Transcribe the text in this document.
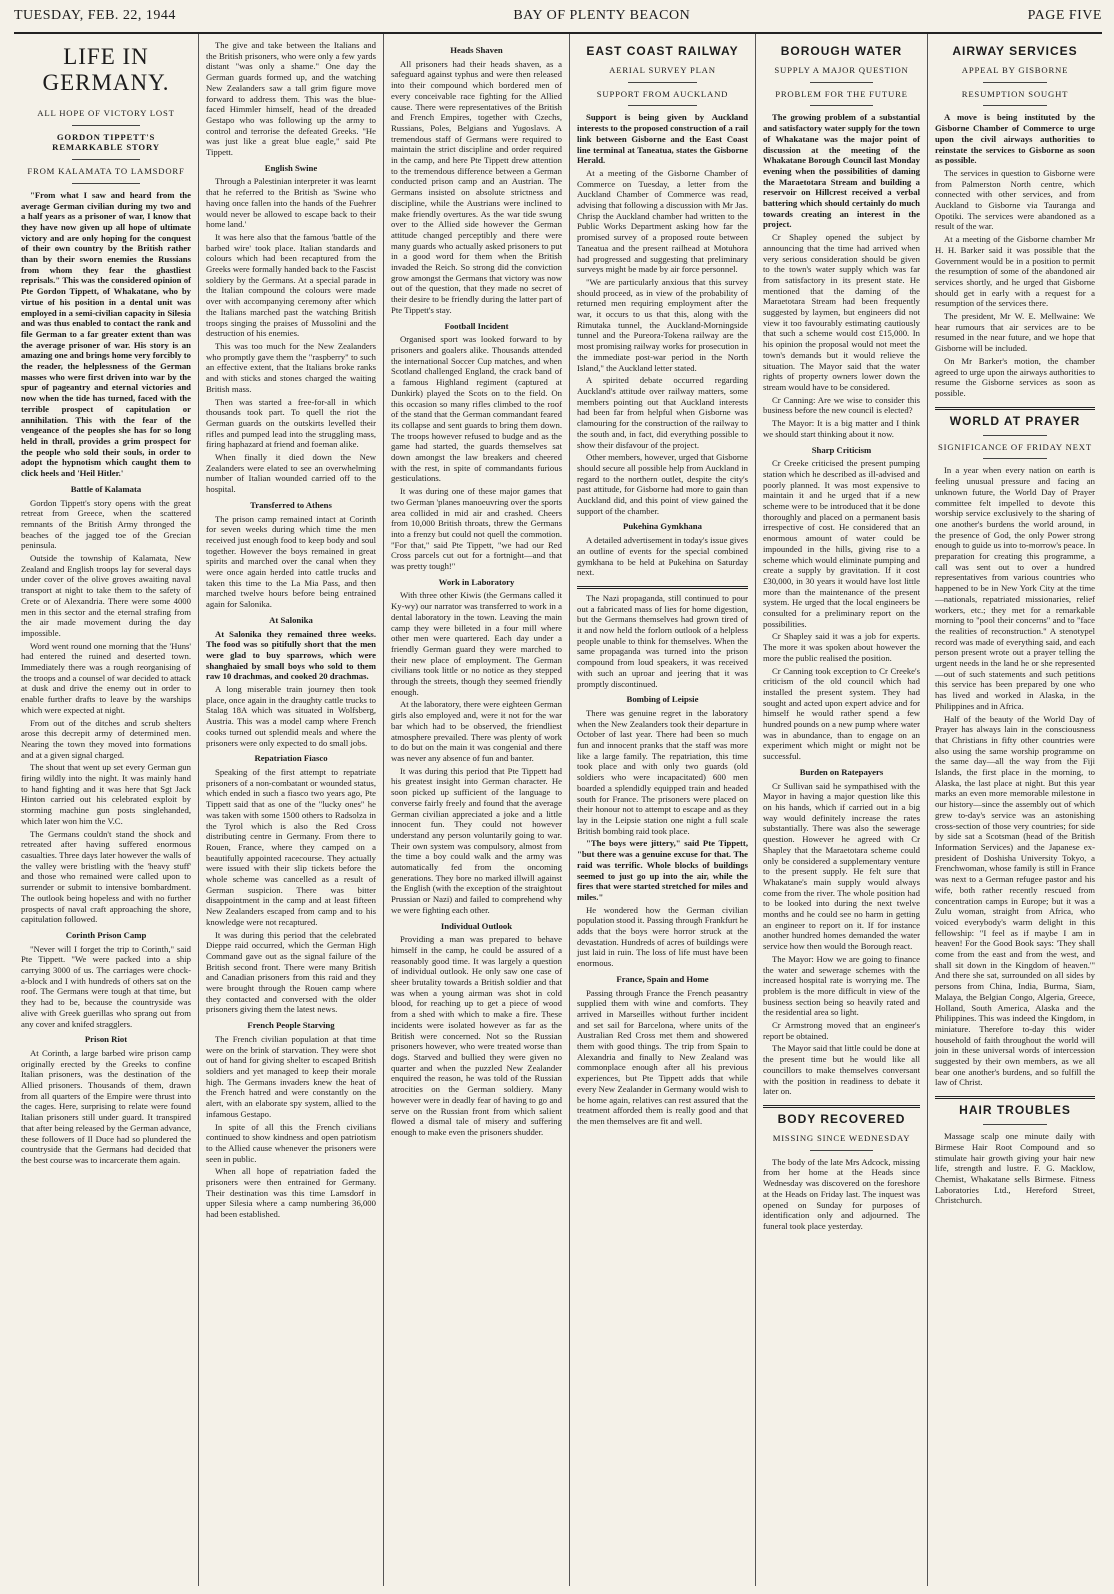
TUESDAY, FEB. 22, 1944	BAY OF PLENTY BEACON	PAGE FIVE
LIFE IN GERMANY.
ALL HOPE OF VICTORY LOST
GORDON TIPPETT'S REMARKABLE STORY
FROM KALAMATA TO LAMSDORF

"From what I saw and heard from the average German civilian during my two and a half years as a prisoner of war, I know that they have now given up all hope of ultimate victory and are only hoping for the conquest of their own country by the British rather than by their sworn enemies the Russians from whom they fear the ghastliest reprisals." This was the considered opinion of Pte Gordon Tippett, of Whakatane, who by virtue of his position in a dental unit was employed in a semi-civilian capacity in Silesia and was thus enabled to contact the rank and file German to a far greater extent than was the average prisoner of war. His story is an amazing one and brings home very forcibly to the reader, the helplessness of the German masses who were first driven into war by the spur of pageantry and eternal victories and now when the tide has turned, faced with the terrible prospect of capitulation or annihilation. This with the fear of the vengeance of the peoples she has for so long held in thrall, provides a grim prospect for the people who sold their souls, in order to adopt the hypnotism which caught them to click heels and 'Heil Hitler.'

Battle of Kalamata

Gordon Tippett's story opens with the great retreat from Greece, when the scattered remnants of the British Army thronged the beaches of the jagged toe of the Grecian peninsula.

Outside the township of Kalamata, New Zealand and English troops lay for several days under cover of the olive groves awaiting naval transport at night to take them to the safety of Crete or of Alexandria. There were some 4000 men in this sector and the eternal strafing from the air made movement during the day impossible.

Word went round one morning that the 'Huns' had entered the ruined and deserted town. Immediately there was a rough reorganising of the troops and a counsel of war decided to attack at dusk and drive the enemy out in order to enable further drafts to leave by the warships which were expected at night.

From out of the ditches and scrub shelters arose this decrepit army of determined men. Nearing the town they moved into formations and at a given signal charged.

The shout that went up set every German gun firing wildly into the night. It was mainly hand to hand fighting and it was here that Sgt Jack Hinton carried out his celebrated exploit by storming machine gun posts singlehanded, which later won him the V.C.

The Germans couldn't stand the shock and retreated after having suffered enormous casualties. Three days later however the walls of the valley were bristling with the 'heavy stuff' and those who remained were called upon to surrender or submit to intensive bombardment. The outlook being hopeless and with no further prospects of naval craft approaching the shore, capitulation followed.

Corinth Prison Camp

"Never will I forget the trip to Corinth," said Pte Tippett. "We were packed into a ship carrying 3000 of us. The carriages were chock-a-block and I with hundreds of others sat on the roof. The Germans were tough at that time, but they had to be, because the countryside was alive with Greek guerillas who sprang out from any cover and knifed stragglers.

Prison Riot

At Corinth, a large barbed wire prison camp originally erected by the Greeks to confine Italian prisoners, was the destination of the Allied prisoners. Thousands of them, drawn from all quarters of the Empire were thrust into the cages. Here, surprising to relate were found Italian prisoners still under guard. It transpired that after being released by the German advance, these followers of Il Duce had so plundered the countryside that the Germans had decided that the best course was to incarcerate them again.

The give and take between the Italians and the British prisoners, who were only a few yards distant "was only a shame." One day the German guards formed up, and the watching New Zealanders saw a tall grim figure move forward to address them. This was the blue-faced Himmler himself, head of the dreaded Gestapo who was following up the army to control and terrorise the defeated Greeks. "He was just like a great blue eagle," said Pte Tippett.

English Swine

Through a Palestinian interpreter it was learnt that he referred to the British as 'Swine who having once fallen into the hands of the Fuehrer would never be allowed to escape back to their home land.'

It was here also that the famous 'battle of the barbed wire' took place. Italian standards and colours which had been recaptured from the Greeks were formally handed back to the Fascist soldiery by the Germans. At a special parade in the Italian compound the colours were made over with accompanying ceremony after which the Italians marched past the watching British troops singing the praises of Mussolini and the destruction of his enemies.

This was too much for the New Zealanders who promptly gave them the "raspberry" to such an effective extent, that the Italians broke ranks and with sticks and stones charged the waiting British mass.

Then was started a free-for-all in which thousands took part. To quell the riot the German guards on the outskirts levelled their rifles and pumped lead into the struggling mass, firing haphazard at friend and foeman alike.

When finally it died down the New Zealanders were elated to see an overwhelming number of Italian wounded carried off to the hospital.

Transferred to Athens

The prison camp remained intact at Corinth for seven weeks during which time the men received just enough food to keep body and soul together. However the boys remained in great spirits and marched over the canal when they were once again herded into cattle trucks and taken this time to the La Mia Pass, and then marched twelve hours before being entrained again for Salonika.

At Salonika

At Salonika they remained three weeks. The food was so pitifully short that the men were glad to buy sparrows, which were shanghaied by small boys who sold to them raw 10 drachmas, and cooked 20 drachmas.

A long miserable train journey then took place, once again in the draughty cattle trucks to Stalag 18A which was situated in Wolfsberg, Austria. This was a model camp where French cooks turned out splendid meals and where the prisoners were only expected to do small jobs.

Repatriation Fiasco

Speaking of the first attempt to repatriate prisoners of a non-combatant or wounded status, which ended in such a fiasco two years ago, Pte Tippett said that as one of the "lucky ones" he was taken with some 1500 others to Radsolza in the Tyrol which is also the Red Cross distributing centre in Germany. From there to Rouen, France, where they camped on a beautifully appointed racecourse. They actually were issued with their slip tickets before the whole scheme was cancelled as a result of German suspicion. There was bitter disappointment in the camp and at least fifteen New Zealanders escaped from camp and to his knowledge were not recaptured.

It was during this period that the celebrated Dieppe raid occurred, which the German High Command gave out as the signal failure of the British second front. There were many British and Canadian prisoners from this raid and they were brought through the Rouen camp where they contacted and conversed with the older prisoners giving them the latest news.

French People Starving

The French civilian population at that time were on the brink of starvation. They were shot out of hand for giving shelter to escaped British soldiers and yet managed to keep their morale high. The Germans invaders knew the heat of the French hatred and were constantly on the alert, with an elaborate spy system, allied to the infamous Gestapo.

In spite of all this the French civilians continued to show kindness and open patriotism to the Allied cause whenever the prisoners were seen in public.

When all hope of repatriation faded the prisoners were then entrained for Germany. Their destination was this time Lamsdorf in upper Silesia where a camp numbering 36,000 had been established.

Heads Shaven

All prisoners had their heads shaven, as a safeguard against typhus and were then released into their compound which bordered men of every conceivable race fighting for the Allied cause. There were representatives of the British and French Empires, together with Czechs, Russians, Poles, Belgians and Yugoslavs. A tremendous staff of Germans were required to maintain the strict discipline and order required in the camp, and here Pte Tippett drew attention to the tremendous difference between a German conducted prison camp and an Austrian. The Germans insisted on absolute strictness and discipline, while the Austrians were inclined to make friendly overtures. As the war tide swung over to the Allied side however the German attitude changed perceptibly and there were many guards who actually asked prisoners to put in a good word for them when the British invaded the Reich. So strong did the conviction grow amongst the Germans that victory was now out of the question, that they made no secret of their desire to be friendly during the latter part of Pte Tippett's stay.

Football Incident

Organised sport was looked forward to by prisoners and goalers alike. Thousands attended the international Soccer Cup matches, and when Scotland challenged England, the crack band of a famous Highland regiment (captured at Dunkirk) played the Scots on to the field. On this occasion so many rifles climbed to the roof of the stand that the German commandant feared its collapse and sent guards to bring them down. The troops however refused to budge and as the game had started, the guards themselves sat down amongst the law breakers and cheered with the rest, in spite of commandants furious gesticulations.

It was during one of these major games that two German 'planes manoeuvring over the sports area collided in mid air and crashed. Cheers from 10,000 British throats, threw the Germans into a frenzy but could not quell the commotion. "For that," said Pte Tippett, "we had our Red Cross parcels cut out for a fortnight—and that was pretty tough!"

Work in Laboratory

With three other Kiwis (the Germans called it Ky-wy) our narrator was transferred to work in a dental laboratory in the town. Leaving the main camp they were billeted in a four mill where other men were quartered. Each day under a friendly German guard they were marched to their new place of employment. The German civilians took little or no notice as they stepped through the streets, though they seemed friendly enough.

At the laboratory, there were eighteen German girls also employed and, were it not for the war bar which had to be observed, the friendliest atmosphere prevailed. There was plenty of work to do but on the main it was congenial and there was never any absence of fun and banter.

It was during this period that Pte Tippett had his greatest insight into German character. He soon picked up sufficient of the language to converse fairly freely and found that the average German civilian appreciated a joke and a little innocent fun. They could not however understand any person voluntarily going to war. Their own system was compulsory, almost from the time a boy could walk and the army was automatically fed from the oncoming generations. They bore no marked illwill against the English (with the exception of the straightout Prussian or Nazi) and failed to comprehend why we were fighting each other.

Individual Outlook

Providing a man was prepared to behave himself in the camp, he could be assured of a reasonably good time. It was largely a question of individual outlook. He only saw one case of sheer brutality towards a British soldier and that was when a young airman was shot in cold blood, for reaching up to get a piece of wood from a shed with which to make a fire. These incidents were isolated however as far as the British were concerned. Not so the Russian prisoners however, who were treated worse than dogs. Starved and bullied they were given no quarter and when the puzzled New Zealander enquired the reason, he was told of the Russian atrocities on the German soldiery. Many however were in deadly fear of having to go and serve on the Russian front from which salient flowed a dismal tale of misery and suffering enough to make even the prisoners shudder.

EAST COAST RAILWAY
AERIAL SURVEY PLAN
SUPPORT FROM AUCKLAND

Support is being given by Auckland interests to the proposed construction of a rail link between Gisborne and the East Coast line terminal at Taneatua, states the Gisborne Herald.

At a meeting of the Gisborne Chamber of Commerce on Tuesday, a letter from the Auckland Chamber of Commerce was read, advising that following a discussion with Mr Jas. Chrisp the Auckland chamber had written to the Public Works Department asking how far the promised survey of a proposed route between Taneatua and the present railhead at Motuhora had progressed and suggesting that preliminary surveys might be made by air force personnel.

"We are particularly anxious that this survey should proceed, as in view of the probability of returned men requiring employment after the war, it occurs to us that this, along with the Rimutaka tunnel, the Auckland-Morningside tunnel and the Pureora-Tokena railway are the most promising railway works for prosecution in the immediate post-war period in the North Island," the Auckland letter stated.

A spirited debate occurred regarding Auckland's attitude over railway matters, some members pointing out that Auckland interests had been far from helpful when Gisborne was clamouring for the construction of the railway to the south and, in fact, did everything possible to show their disfavour of the project.

Other members, however, urged that Gisborne should secure all possible help from Auckland in regard to the northern outlet, despite the city's past attitude, for Gisborne had more to gain than Auckland did, and this point of view gained the support of the chamber.

Pukehina Gymkhana

A detailed advertisement in today's issue gives an outline of events for the special combined gymkhana to be held at Pukehina on Saturday next.

The Nazi propaganda, still continued to pour out a fabricated mass of lies for home digestion, but the Germans themselves had grown tired of it and now held the forlorn outlook of a helpless people unable to think for themselves. When the same propaganda was turned into the prison compound from loud speakers, it was received with such an uproar and jeering that it was promptly discontinued.

Bombing of Leipsie

There was genuine regret in the laboratory when the New Zealanders took their departure in October of last year. There had been so much fun and innocent pranks that the staff was more like a large family. The repatriation, this time took place and with only two guards (old soldiers who were incapacitated) 600 men boarded a splendidly equipped train and headed south for France. The prisoners were placed on their honour not to attempt to escape and as they lay in the Leipsie station one night a full scale British bombing raid took place.

"The boys were jittery," said Pte Tippett, "but there was a genuine excuse for that. The raid was terrific. Whole blocks of buildings seemed to just go up into the air, while the fires that were started stretched for miles and miles."

He wondered how the German civilian population stood it. Passing through Frankfurt he adds that the boys were horror struck at the devastation. Hundreds of acres of buildings were just laid in ruin. The loss of life must have been enormous.

France, Spain and Home

Passing through France the French peasantry supplied them with wine and comforts. They arrived in Marseilles without further incident and set sail for Barcelona, where units of the Australian Red Cross met them and showered them with good things. The trip from Spain to Alexandria and finally to New Zealand was commonplace enough after all his previous experiences, but Pte Tippett adds that while every New Zealander in Germany would wish to be home again, relatives can rest assured that the treatment afforded them is really good and that the men themselves are fit and well.

BOROUGH WATER
SUPPLY A MAJOR QUESTION
PROBLEM FOR THE FUTURE

The growing problem of a substantial and satisfactory water supply for the town of Whakatane was the major point of discussion at the meeting of the Whakatane Borough Council last Monday evening when the possibilities of daming the Maraetotara Stream and building a reservoir on Hillcrest received a verbal battering which should certainly do much towards creating an interest in the project.

Cr Shapley opened the subject by announcing that the time had arrived when very serious consideration should be given to the town's water supply which was far from satisfactory in its present state. He mentioned that the daming of the Maraetotara Stream had been frequently suggested by laymen, but engineers did not view it too favourably estimating cautiously that such a scheme would cost £15,000. In his opinion the proposal would not meet the town's demands but it would relieve the situation. The Mayor said that the water rights of property owners lower down the stream would have to be considered.

Cr Canning: Are we wise to consider this business before the new council is elected?

The Mayor: It is a big matter and I think we should start thinking about it now.

Sharp Criticism

Cr Creeke criticised the present pumping station which he described as ill-advised and poorly planned. It was most expensive to maintain it and he urged that if a new scheme were to be introduced that it be done thoroughly and placed on a permanent basis irrespective of cost. He considered that an enormous amount of water could be impounded in the hills, giving rise to a scheme which would eliminate pumping and create a supply by gravitation. If it cost £30,000, in 30 years it would have lost little more than the maintenance of the present system. He urged that the local engineers be consulted for a preliminary report on the possibilities.

Cr Shapley said it was a job for experts. The more it was spoken about however the more the public realised the position.

Cr Canning took exception to Cr Creeke's criticism of the old council which had installed the present system. They had sought and acted upon expert advice and for himself he would rather spend a few hundred pounds on a new pump where water was in abundance, than to engage on an experiment which might or might not be successful.

Burden on Ratepayers

Cr Sullivan said he sympathised with the Mayor in having a major question like this on his hands, which if carried out in a big way would definitely increase the rates substantially. There was also the sewerage question. However he agreed with Cr Shapley that the Maraetotara scheme could only be considered a supplementary venture to the present supply. He felt sure that Whakatane's main supply would always come from the river. The whole position had to be looked into during the next twelve months and he could see no harm in getting an engineer to report on it. If for instance another hundred homes demanded the water service how then would the Borough react.

The Mayor: How we are going to finance the water and sewerage schemes with the increased hospital rate is worrying me. The problem is the more difficult in view of the business section being so heavily rated and the residential area so light.

Cr Armstrong moved that an engineer's report be obtained.

The Mayor said that little could be done at the present time but he would like all councillors to make themselves conversant with the position in readiness to debate it later on.

BODY RECOVERED
MISSING SINCE WEDNESDAY

The body of the late Mrs Adcock, missing from her home at the Heads since Wednesday was discovered on the foreshore at the Heads on Friday last. The inquest was opened on Sunday for purposes of identification only and adjourned. The funeral took place yesterday.

AIRWAY SERVICES
APPEAL BY GISBORNE
RESUMPTION SOUGHT

A move is being instituted by the Gisborne Chamber of Commerce to urge upon the civil airways authorities to reinstate the services to Gisborne as soon as possible.

The services in question to Gisborne were from Palmerston North centre, which connected with other services, and from Auckland to Gisborne via Tauranga and Opotiki. The services were abandoned as a result of the war.

At a meeting of the Gisborne chamber Mr H. H. Barker said it was possible that the Government would be in a position to permit the resumption of some of the abandoned air services shortly, and he urged that Gisborne should get in early with a request for a resumption of the services there.

The president, Mr W. E. Mellwaine: We hear rumours that air services are to be resumed in the near future, and we hope that Gisborne will be included.

On Mr Barker's motion, the chamber agreed to urge upon the airways authorities to resume the Gisborne services as soon as possible.

WORLD AT PRAYER
SIGNIFICANCE OF FRIDAY NEXT

In a year when every nation on earth is feeling unusual pressure and facing an unknown future, the World Day of Prayer committee felt impelled to devote this worship service exclusively to the sharing of one another's burdens the world around, in the presence of God, the only Power strong enough to guide us into to-morrow's peace. In preparation for creating this programme, a call was sent out to over a hundred representatives from various countries who happened to be in New York City at the time—nationals, repatriated missionaries, relief workers, etc.; they met for a remarkable morning to "pool their concerns" and to "face the realities of reconstruction." A stenotypel record was made of everything said, and each person present wrote out a prayer telling the urgent needs in the land he or she represented—out of such statements and such petitions this service has been prepared by one who has lived and worked in Alaska, in the Philippines and in Africa.

Half of the beauty of the World Day of Prayer has always lain in the consciousness that Christians in fifty other countries were also using the same worship programme on the same day—all the way from the Fiji Islands, the first place in the morning, to Alaska, the last place at night. But this year marks an even more memorable milestone in our history—since the assembly out of which grew to-day's service was an astonishing cross-section of those very countries; for side by side sat a Scotsman (head of the British Information Services) and the Japanese ex-president of Doshisha University Tokyo, a Frenchwoman, whose family is still in France was next to a German refugee pastor and his wife, both rather recently rescued from concentration camps in Europe; but it was a Zulu woman, straight from Africa, who voiced everybody's warm delight in this fellowship: "I feel as if maybe I am in heaven! For the Good Book says: 'They shall come from the east and from the west, and shall sit down in the Kingdom of heaven.'" And there she sat, surrounded on all sides by persons from China, India, Burma, Siam, Malaya, the Belgian Congo, Algeria, Greece, Holland, South America, Alaska and the Philippines. This was indeed the Kingdom, in miniature. Therefore to-day this wider household of faith throughout the world will join in these universal words of intercession suggested by their own members, as we all bear one another's burdens, and so fulfill the law of Christ.

HAIR TROUBLES

Massage scalp one minute daily with Birmese Hair Root Compound and so stimulate hair growth giving your hair new life, strength and lustre. F. G. Macklow, Chemist, Whakatane sells Birmese. Fitness Laboratories Ltd., Hereford Street, Christchurch.
